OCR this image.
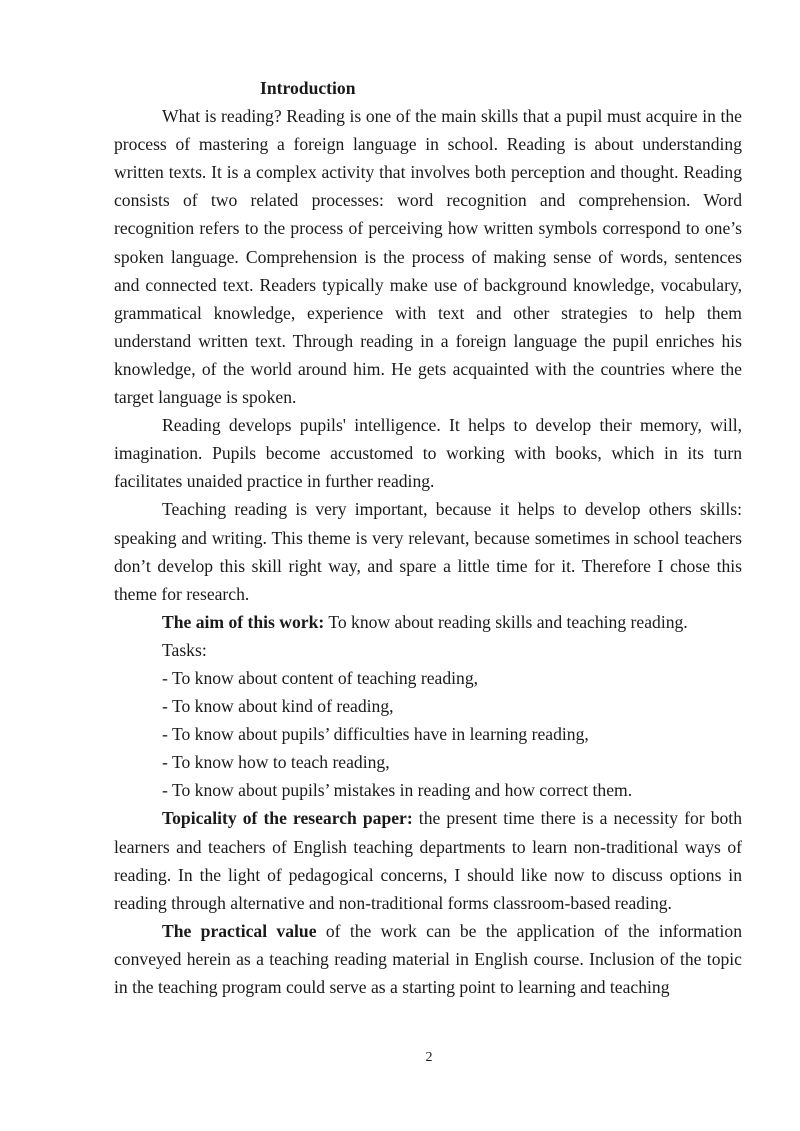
Introduction

What is reading? Reading is one of the main skills that a pupil must acquire in the process of mastering a foreign language in school. Reading is about understanding written texts. It is a complex activity that involves both perception and thought. Reading consists of two related processes: word recognition and comprehension. Word recognition refers to the process of perceiving how written symbols correspond to one’s spoken language. Comprehension is the process of making sense of words, sentences and connected text. Readers typically make use of background knowledge, vocabulary, grammatical knowledge, experience with text and other strategies to help them understand written text. Through reading in a foreign language the pupil enriches his knowledge, of the world around him. He gets acquainted with the countries where the target language is spoken.

Reading develops pupils' intelligence. It helps to develop their memory, will, imagination. Pupils become accustomed to working with books, which in its turn facilitates unaided practice in further reading.

Teaching reading is very important, because it helps to develop others skills: speaking and writing. This theme is very relevant, because sometimes in school teachers don’t develop this skill right way, and spare a little time for it. Therefore I chose this theme for research.

The aim of this work: To know about reading skills and teaching reading.

Tasks:

- To know about content of teaching reading,

- To know about kind of reading,

- To know about pupils’ difficulties have in learning reading,

- To know how to teach reading,

- To know about pupils’ mistakes in reading and how correct them.

Topicality of the research paper: the present time there is a necessity for both learners and teachers of English teaching departments to learn non-traditional ways of reading. In the light of pedagogical concerns, I should like now to discuss options in reading through alternative and non-traditional forms classroom-based reading.

The practical value of the work can be the application of the information conveyed herein as a teaching reading material in English course. Inclusion of the topic in the teaching program could serve as a starting point to learning and teaching

2
